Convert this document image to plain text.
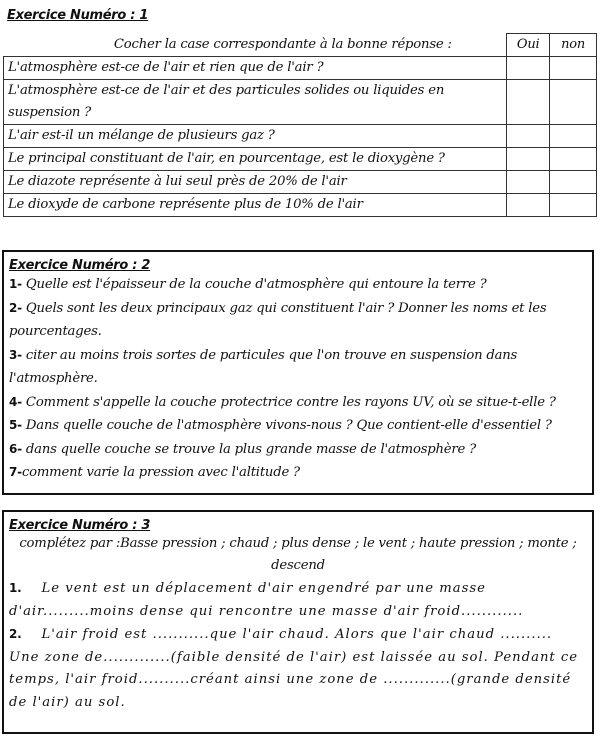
Exercice Numéro : 1
Cocher la case correspondante à la bonne réponse :	Oui	non
L'atmosphère est-ce de l'air et rien que de l'air ?		
L'atmosphère est-ce de l'air et des particules solides ou liquides en suspension ?		
L'air est-il un mélange de plusieurs gaz ?		
Le principal constituant de l'air, en pourcentage, est le dioxygène ?		
Le diazote représente à lui seul près de 20% de l'air		
Le dioxyde de carbone représente plus de 10% de l'air		
Exercice Numéro : 2
1- Quelle est l'épaisseur de la couche d'atmosphère qui entoure la terre ?
2- Quels sont les deux principaux gaz qui constituent l'air ? Donner les noms et les pourcentages.
3- citer au moins trois sortes de particules que l'on trouve en suspension dans l'atmosphère.
4- Comment s'appelle la couche protectrice contre les rayons UV, où se situe-t-elle ?
5- Dans quelle couche de l'atmosphère vivons-nous ? Que contient-elle d'essentiel ?
6- dans quelle couche se trouve la plus grande masse de l'atmosphère ?
7-comment varie la pression avec l'altitude ?
Exercice Numéro : 3
complétez par :Basse pression ; chaud ; plus dense ; le vent ; haute pression ; monte ; descend
1. Le vent est un déplacement d'air engendré par une masse d'air.........moins dense qui rencontre une masse d'air froid............
2. L'air froid est ...........que l'air chaud. Alors que l'air chaud .......... Une zone de.............(faible densité de l'air) est laissée au sol. Pendant ce temps, l'air froid..........créant ainsi une zone de .............(grande densité de l'air) au sol.
